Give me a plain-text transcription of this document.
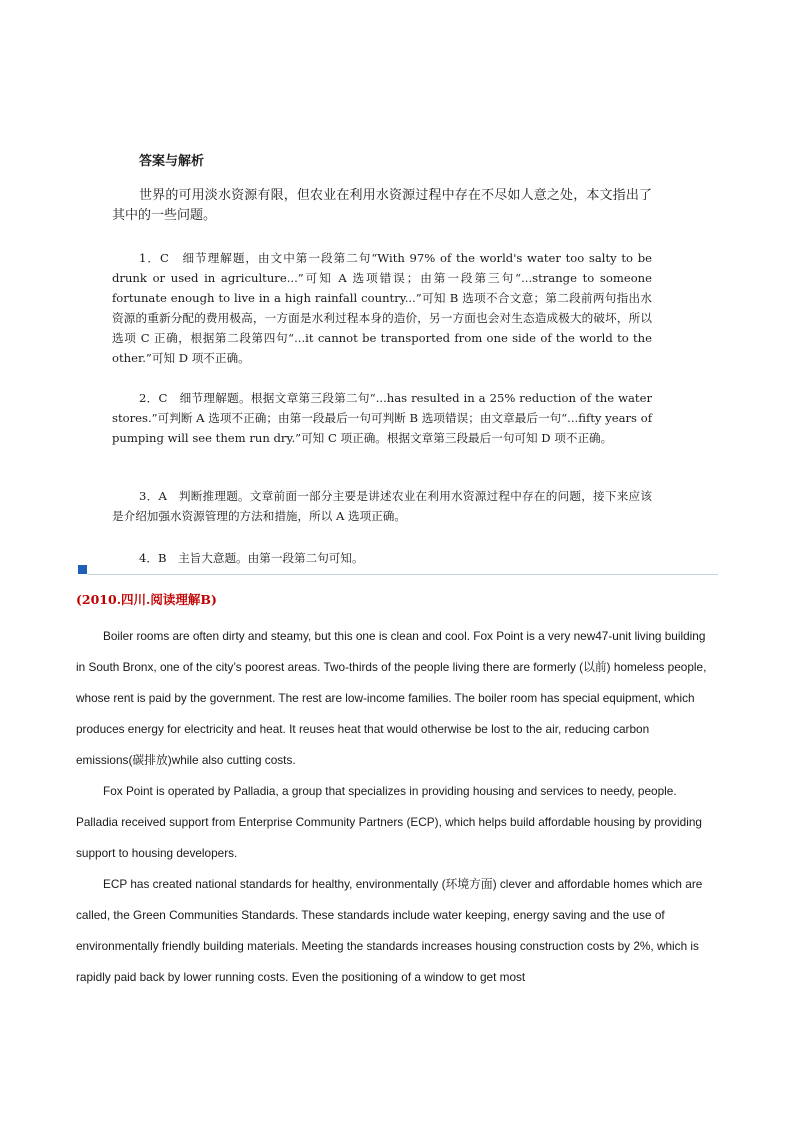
答案与解析
世界的可用淡水资源有限，但农业在利用水资源过程中存在不尽如人意之处，本文指出了其中的一些问题。
1．C　细节理解题，由文中第一段第二句“With 97% of the world's water too salty to be drunk or used in agriculture...”可知 A 选项错误；由第一段第三句“...strange to someone fortunate enough to live in a high rainfall country...”可知 B 选项不合文意；第二段前两句指出水资源的重新分配的费用极高，一方面是水利过程本身的造价，另一方面也会对生态造成极大的破坏，所以选项 C 正确，根据第二段第四句“...it cannot be transported from one side of the world to the other.”可知 D 项不正确。
2．C　细节理解题。根据文章第三段第二句“...has resulted in a 25% reduction of the water stores.”可判断 A 选项不正确；由第一段最后一句可判断 B 选项错误；由文章最后一句“...fifty years of pumping will see them run dry.”可知 C 项正确。根据文章第三段最后一句可知 D 项不正确。
3．A　判断推理题。文章前面一部分主要是讲述农业在利用水资源过程中存在的问题，接下来应该是介绍加强水资源管理的方法和措施，所以 A 选项正确。
4．B　主旨大意题。由第一段第二句可知。
(2010.四川.阅读理解B)

Boiler rooms are often dirty and steamy, but this one is clean and cool. Fox Point is a very new47-unit living building in South Bronx, one of the city’s poorest areas. Two-thirds of the people living there are formerly (以前) homeless people, whose rent is paid by the government. The rest are low-income families. The boiler room has special equipment, which produces energy for electricity and heat. It reuses heat that would otherwise be lost to the air, reducing carbon emissions(碳排放)while also cutting costs.

Fox Point is operated by Palladia, a group that specializes in providing housing and services to needy, people. Palladia received support from Enterprise Community Partners (ECP), which helps build affordable housing by providing support to housing developers.

ECP has created national standards for healthy, environmentally (环境方面) clever and affordable homes which are called, the Green Communities Standards. These standards include water keeping, energy saving and the use of environmentally friendly building materials. Meeting the standards increases housing construction costs by 2%, which is rapidly paid back by lower running costs. Even the positioning of a window to get most
